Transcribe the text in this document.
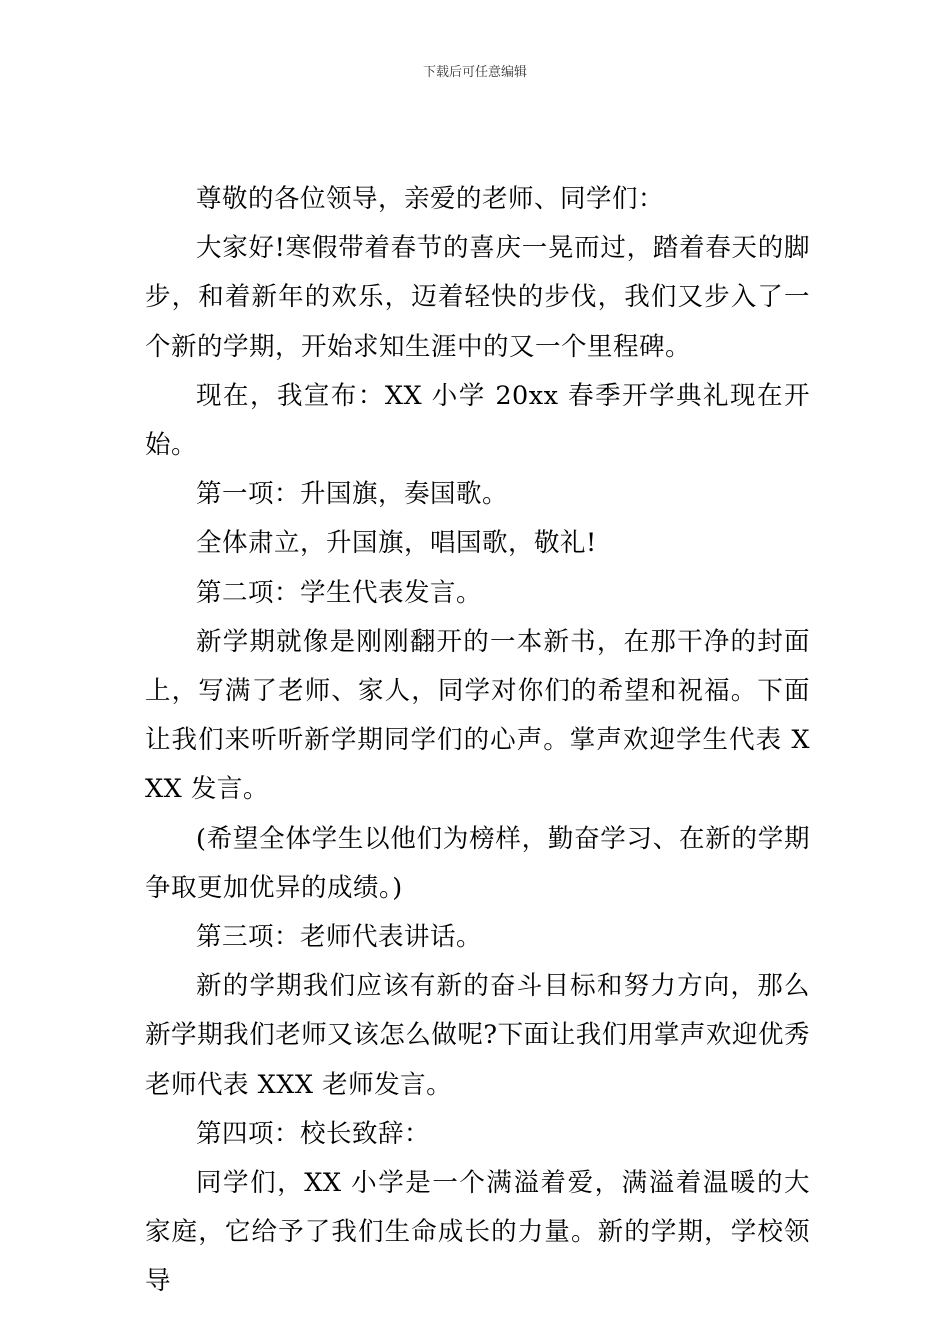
下载后可任意编辑

尊敬的各位领导，亲爱的老师、同学们：

大家好!寒假带着春节的喜庆一晃而过，踏着春天的脚步，和着新年的欢乐，迈着轻快的步伐，我们又步入了一个新的学期，开始求知生涯中的又一个里程碑。

现在，我宣布：XX 小学 20xx 春季开学典礼现在开始。

第一项：升国旗，奏国歌。

全体肃立，升国旗，唱国歌，敬礼!

第二项：学生代表发言。

新学期就像是刚刚翻开的一本新书，在那干净的封面上，写满了老师、家人，同学对你们的希望和祝福。下面让我们来听听新学期同学们的心声。掌声欢迎学生代表 XXX 发言。

(希望全体学生以他们为榜样，勤奋学习、在新的学期争取更加优异的成绩。)

第三项：老师代表讲话。

新的学期我们应该有新的奋斗目标和努力方向，那么新学期我们老师又该怎么做呢?下面让我们用掌声欢迎优秀老师代表 XXX 老师发言。

第四项：校长致辞：

同学们，XX 小学是一个满溢着爱，满溢着温暖的大家庭，它给予了我们生命成长的力量。新的学期，学校领导
